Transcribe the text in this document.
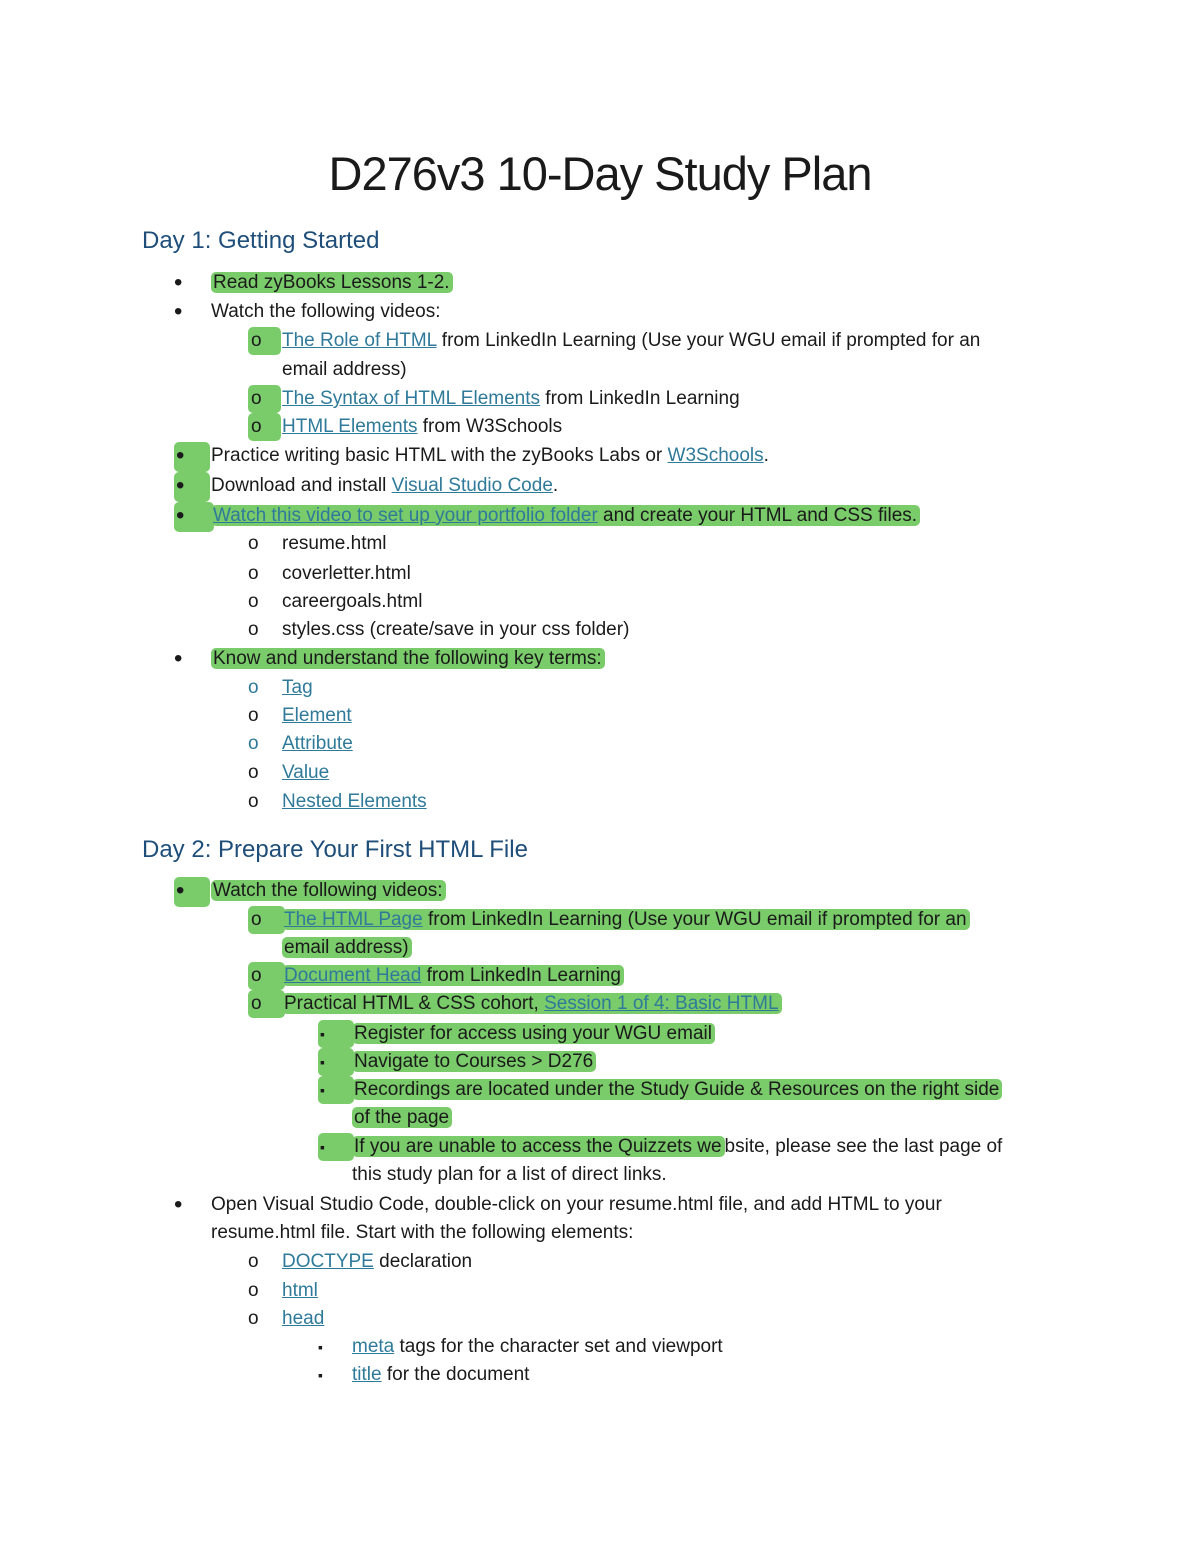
D276v3 10-Day Study Plan
Day 1: Getting Started
•
Read zyBooks Lessons 1-2.
•
Watch the following videos:
o
The Role of HTML from LinkedIn Learning (Use your WGU email if prompted for an
email address)
o
The Syntax of HTML Elements from LinkedIn Learning
o
HTML Elements from W3Schools
•
Practice writing basic HTML with the zyBooks Labs or W3Schools.
•
Download and install Visual Studio Code.
•
Watch this video to set up your portfolio folder and create your HTML and CSS files.
o
resume.html
o
coverletter.html
o
careergoals.html
o
styles.css (create/save in your css folder)
•
Know and understand the following key terms:
o
Tag
o
Element
o
Attribute
o
Value
o
Nested Elements
Day 2: Prepare Your First HTML File
•
Watch the following videos:
o
The HTML Page from LinkedIn Learning (Use your WGU email if prompted for an
email address)
o
Document Head from LinkedIn Learning
o
Practical HTML & CSS cohort, Session 1 of 4: Basic HTML
▪
Register for access using your WGU email
▪
Navigate to Courses > D276
▪
Recordings are located under the Study Guide & Resources on the right side
of the page
▪
If you are unable to access the Quizzets we bsite, please see the last page of
this study plan for a list of direct links.
•
Open Visual Studio Code, double-click on your resume.html file, and add HTML to your
resume.html file. Start with the following elements:
o
DOCTYPE declaration
o
html
o
head
▪
meta tags for the character set and viewport
▪
title for the document
